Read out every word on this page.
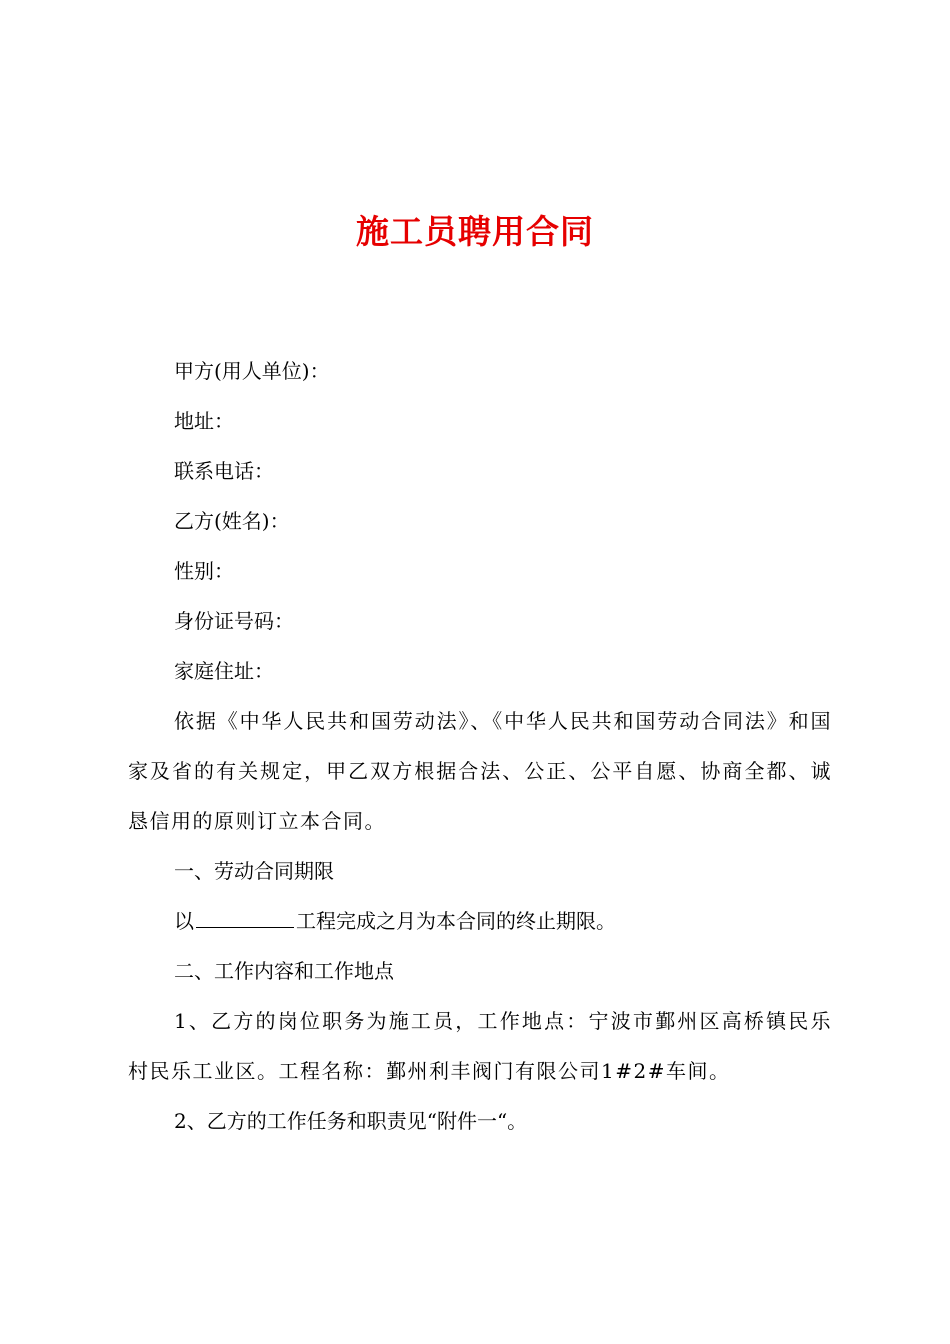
施工员聘用合同

甲方(用人单位)：

地址：

联系电话：

乙方(姓名)：

性别：

身份证号码：

家庭住址：

依据《中华人民共和国劳动法》、《中华人民共和国劳动合同法》和国家及省的有关规定，甲乙双方根据合法、公正、公平自愿、协商全都、诚恳信用的原则订立本合同。

一、劳动合同期限

以	工程完成之月为本合同的终止期限。

二、工作内容和工作地点

1、乙方的岗位职务为施工员，工作地点：宁波市鄞州区高桥镇民乐村民乐工业区。工程名称：鄞州利丰阀门有限公司1#2#车间。

2、乙方的工作任务和职责见“附件一“。
